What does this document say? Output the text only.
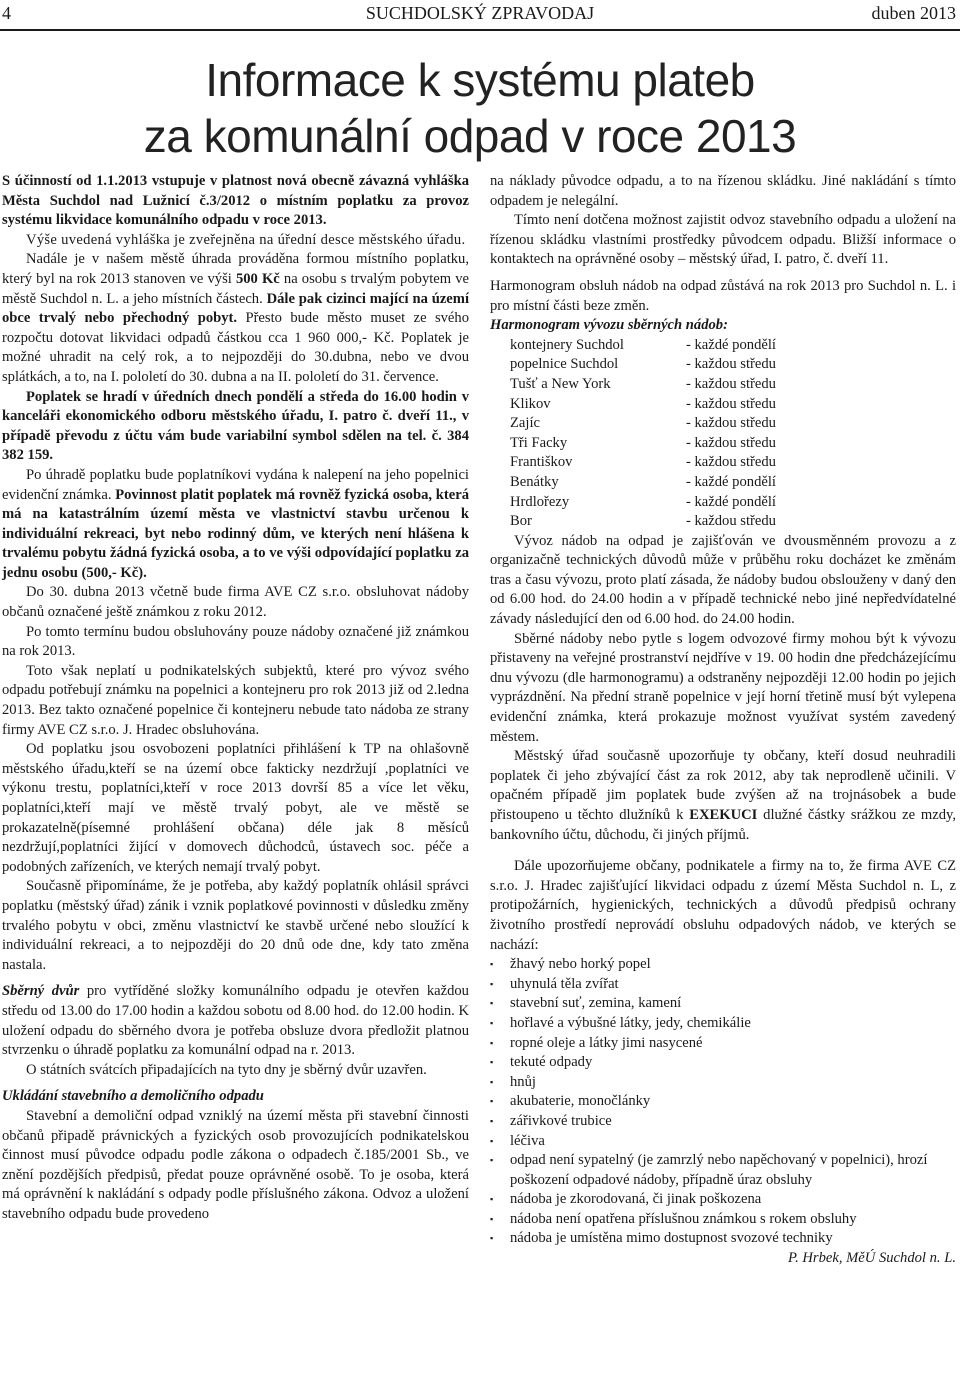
4	SUCHDOLSKÝ ZPRAVODAJ	duben 2013
Informace k systému plateb
za komunální odpad v roce 2013

S účinností od 1.1.2013 vstupuje v platnost nová obecně závazná vyhláška Města Suchdol nad Lužnicí č.3/2012 o místním poplatku za provoz systému likvidace komunálního odpadu v roce 2013.

Výše uvedená vyhláška je zveřejněna na úřední desce městského úřadu.

Nadále je v našem městě úhrada prováděna formou místního poplatku, který byl na rok 2013 stanoven ve výši 500 Kč na osobu s trvalým pobytem ve městě Suchdol n. L. a jeho místních částech. Dále pak cizinci mající na území obce trvalý nebo přechodný pobyt. Přesto bude město muset ze svého rozpočtu dotovat likvidaci odpadů částkou cca 1 960 000,- Kč. Poplatek je možné uhradit na celý rok, a to nejpozději do 30.dubna, nebo ve dvou splátkách, a to, na I. pololetí do 30. dubna a na II. pololetí do 31. července.

Poplatek se hradí v úředních dnech pondělí a středa do 16.00 hodin v kanceláři ekonomického odboru městského úřadu, I. patro č. dveří 11., v případě převodu z účtu vám bude variabilní symbol sdělen na tel. č. 384 382 159.

Po úhradě poplatku bude poplatníkovi vydána k nalepení na jeho popelnici evidenční známka. Povinnost platit poplatek má rovněž fyzická osoba, která má na katastrálním území města ve vlastnictví stavbu určenou k individuální rekreaci, byt nebo rodinný dům, ve kterých není hlášena k trvalému pobytu žádná fyzická osoba, a to ve výši odpovídající poplatku za jednu osobu (500,- Kč).

Do 30. dubna 2013 včetně bude firma AVE CZ s.r.o. obsluhovat nádoby občanů označené ještě známkou z roku 2012.

Po tomto termínu budou obsluhovány pouze nádoby označené již známkou na rok 2013.

Toto však neplatí u podnikatelských subjektů, které pro vývoz svého odpadu potřebují známku na popelnici a kontejneru pro rok 2013 již od 2.ledna 2013. Bez takto označené popelnice či kontejneru nebude tato nádoba ze strany firmy AVE CZ s.r.o. J. Hradec obsluhována.

Od poplatku jsou osvobozeni poplatníci přihlášení k TP na ohlašovně městského úřadu,kteří se na území obce fakticky nezdržují ,poplatníci ve výkonu trestu, poplatníci,kteří v roce 2013 dovrší 85 a více let věku, poplatníci,kteří mají ve městě trvalý pobyt, ale ve městě se prokazatelně(písemné prohlášení občana) déle jak 8 měsíců nezdržují,poplatníci žijící v domovech důchodců, ústavech soc. péče a podobných zařízeních, ve kterých nemají trvalý pobyt.

Současně připomínáme, že je potřeba, aby každý poplatník ohlásil správci poplatku (městský úřad) zánik i vznik poplatkové povinnosti v důsledku změny trvalého pobytu v obci, změnu vlastnictví ke stavbě určené nebo sloužící k individuální rekreaci, a to nejpozději do 20 dnů ode dne, kdy tato změna nastala.

Sběrný dvůr pro vytříděné složky komunálního odpadu je otevřen každou středu od 13.00 do 17.00 hodin a každou sobotu od 8.00 hod. do 12.00 hodin. K uložení odpadu do sběrného dvora je potřeba obsluze dvora předložit platnou stvrzenku o úhradě poplatku za komunální odpad na r. 2013.

O státních svátcích připadajících na tyto dny je sběrný dvůr uzavřen.

Ukládání stavebního a demoličního odpadu

Stavební a demoliční odpad vzniklý na území města při stavební činnosti občanů připadě právnických a fyzických osob provozujících podnikatelskou činnost musí původce odpadu podle zákona o odpadech č.185/2001 Sb., ve znění pozdějších předpisů, předat pouze oprávněné osobě. To je osoba, která má oprávnění k nakládání s odpady podle příslušného zákona. Odvoz a uložení stavebního odpadu bude provedeno

na náklady původce odpadu, a to na řízenou skládku. Jiné nakládání s tímto odpadem je nelegální.

Tímto není dotčena možnost zajistit odvoz stavebního odpadu a uložení na řízenou skládku vlastními prostředky původcem odpadu. Bližší informace o kontaktech na oprávněné osoby – městský úřad, I. patro, č. dveří 11.

Harmonogram obsluh nádob na odpad zůstává na rok 2013 pro Suchdol n. L. i pro místní části beze změn.

Harmonogram vývozu sběrných nádob:

kontejnery Suchdol	- každé pondělí
popelnice Suchdol	- každou středu
Tušť a New York	- každou středu
Klikov	- každou středu
Zajíc	- každou středu
Tři Facky	- každou středu
Františkov	- každou středu
Benátky	- každé pondělí
Hrdlořezy	- každé pondělí
Bor	- každou středu

Vývoz nádob na odpad je zajišťován ve dvousměnném provozu a z organizačně technických důvodů může v průběhu roku docházet ke změnám tras a času vývozu, proto platí zásada, že nádoby budou obslouženy v daný den od 6.00 hod. do 24.00 hodin a v případě technické nebo jiné nepředvídatelné závady následující den od 6.00 hod. do 24.00 hodin.

Sběrné nádoby nebo pytle s logem odvozové firmy mohou být k vývozu přistaveny na veřejné prostranství nejdříve v 19. 00 hodin dne předcházejícímu dnu vývozu (dle harmonogramu) a odstraněny nejpozději 12.00 hodin po jejich vyprázdnění. Na přední straně popelnice v její horní třetině musí být vylepena evidenční známka, která prokazuje možnost využívat systém zavedený městem.

Městský úřad současně upozorňuje ty občany, kteří dosud neuhradili poplatek či jeho zbývající část za rok 2012, aby tak neprodleně učinili. V opačném případě jim poplatek bude zvýšen až na trojnásobek a bude přistoupeno u těchto dlužníků k EXEKUCI dlužné částky srážkou ze mzdy, bankovního účtu, důchodu, či jiných příjmů.

Dále upozorňujeme občany, podnikatele a firmy na to, že firma AVE CZ s.r.o. J. Hradec zajišťující likvidaci odpadu z území Města Suchdol n. L, z protipožárních, hygienických, technických a důvodů předpisů ochrany životního prostředí neprovádí obsluhu odpadových nádob, ve kterých se nachází:

▪ žhavý nebo horký popel
▪ uhynulá těla zvířat
▪ stavební suť, zemina, kamení
▪ hořlavé a výbušné látky, jedy, chemikálie
▪ ropné oleje a látky jimi nasycené
▪ tekuté odpady
▪ hnůj
▪ akubaterie, monočlánky
▪ zářivkové trubice
▪ léčiva
▪ odpad není sypatelný (je zamrzlý nebo napěchovaný v popelnici), hrozí poškození odpadové nádoby, případně úraz obsluhy
▪ nádoba je zkorodovaná, či jinak poškozena
▪ nádoba není opatřena příslušnou známkou s rokem obsluhy
▪ nádoba je umístěna mimo dostupnost svozové techniky

P. Hrbek, MěÚ Suchdol n. L.
